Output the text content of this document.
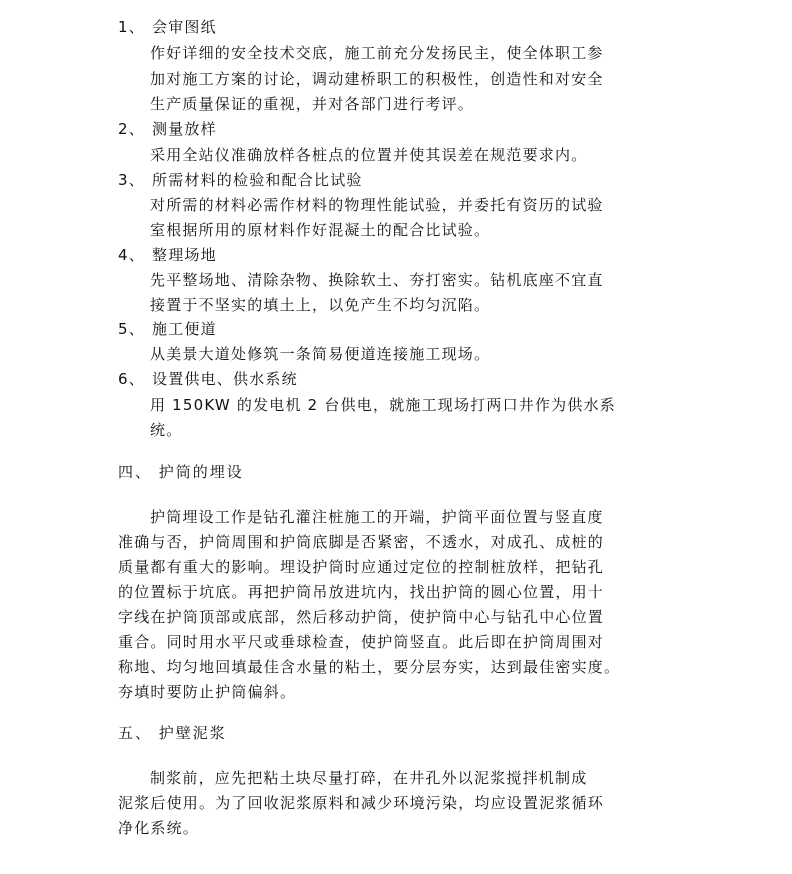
1、 会审图纸
作好详细的安全技术交底，施工前充分发扬民主，使全体职工参
加对施工方案的讨论，调动建桥职工的积极性，创造性和对安全
生产质量保证的重视，并对各部门进行考评。
2、 测量放样
采用全站仪准确放样各桩点的位置并使其误差在规范要求内。
3、 所需材料的检验和配合比试验
对所需的材料必需作材料的物理性能试验，并委托有资历的试验
室根据所用的原材料作好混凝土的配合比试验。
4、 整理场地
先平整场地、清除杂物、换除软土、夯打密实。钻机底座不宜直
接置于不坚实的填土上，以免产生不均匀沉陷。
5、 施工便道
从美景大道处修筑一条简易便道连接施工现场。
6、 设置供电、供水系统
用 150KW 的发电机 2 台供电，就施工现场打两口井作为供水系
统。
四、 护筒的埋设
护筒埋设工作是钻孔灌注桩施工的开端，护筒平面位置与竖直度
准确与否，护筒周围和护筒底脚是否紧密，不透水，对成孔、成桩的
质量都有重大的影响。埋设护筒时应通过定位的控制桩放样，把钻孔
的位置标于坑底。再把护筒吊放进坑内，找出护筒的圆心位置，用十
字线在护筒顶部或底部，然后移动护筒，使护筒中心与钻孔中心位置
重合。同时用水平尺或垂球检查，使护筒竖直。此后即在护筒周围对
称地、均匀地回填最佳含水量的粘土，要分层夯实，达到最佳密实度。
夯填时要防止护筒偏斜。
五、 护壁泥浆
制浆前，应先把粘土块尽量打碎，在井孔外以泥浆搅拌机制成
泥浆后使用。为了回收泥浆原料和减少环境污染，均应设置泥浆循环
净化系统。
